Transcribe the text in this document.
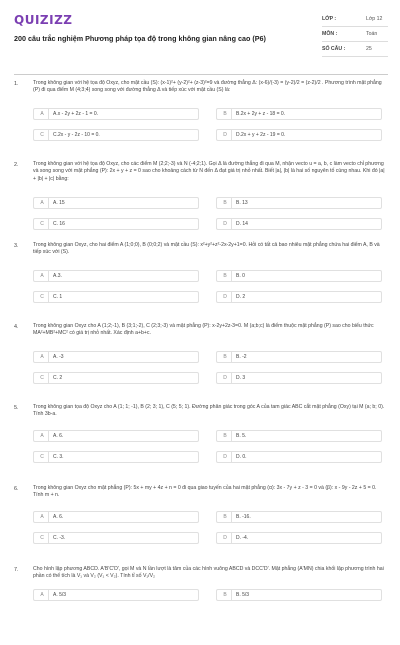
QUIZIZZ
200 câu trắc nghiệm Phương pháp tọa độ trong không gian nâng cao (P6)
LỚP :	Lớp 12
MÔN :	Toán
SỐ CÂU :	25
1.	Trong không gian với hệ tọa độ Oxyz, cho mặt cầu (S): (x-1)²+ (y-2)²+ (z-3)²=9 và đường thẳng Δ: (x-6)/(-3) = (y-2)/2 = (z-2)/2 . Phương trình mặt phẳng (P) đi qua điểm M (4;3;4) song song với đường thẳng Δ và tiếp xúc với mặt cầu (S) là:
A	A.x - 2y + 2z - 1 = 0.	B	B.2x + 2y + z - 18 = 0.
C	C.2x - y - 2z - 10 = 0.	D	D.2x + y + 2z - 19 = 0.
2.	Trong không gian với hệ tọa độ Oxyz, cho các điểm M (2;2;-3) và N (-4;2;1). Gọi Δ là đường thẳng đi qua M, nhận vecto u = a, b, c làm vecto chỉ phương và song song với mặt phẳng (P): 2x + y + z = 0 sao cho khoảng cách từ N đến Δ đạt giá trị nhỏ nhất. Biết |a|, |b| là hai số nguyên tố cùng nhau. Khi đó |a| + |b| + |c| bằng:
A	A. 15	B	B. 13
C	C. 16	D	D. 14
3.	Trong không gian Oxyz, cho hai điểm A (1;0;0), B (0;0;2) và mặt cầu (S): x²+y²+z²-2x-2y+1=0. Hỏi có tất cả bao nhiêu mặt phẳng chứa hai điểm A, B và tiếp xúc với (S).
A	A.3.	B	B. 0
C	C. 1	D	D. 2
4.	Trong không gian Oxyz cho A (1;2;-1), B (3;1;-2), C (2;3;-3) và mặt phẳng (P): x-2y+2z-3=0. M (a;b;c) là điểm thuộc mặt phẳng (P) sao cho biểu thức MA²+MB²+MC² có giá trị nhỏ nhất. Xác định a+b+c.
A	A. -3	B	B. -2
C	C. 2	D	D. 3
5.	Trong không gian tọa độ Oxyz cho A (1; 1; -1), B (2; 3; 1), C (5; 5; 1). Đường phân giác trong góc A của tam giác ABC cắt mặt phẳng (Oxy) tại M (a; b; 0). Tính 3b-a.
A	A. 6.	B	B. 5.
C	C. 3.	D	D. 0.
6.	Trong không gian Oxyz cho mặt phẳng (P): 5x + my + 4z + n = 0 đi qua giao tuyến của hai mặt phẳng (α): 3x - 7y + z - 3 = 0 và (β): x - 9y - 2z + 5 = 0. Tính m + n.
A	A. 6.	B	B. -16.
C	C. -3.	D	D. -4.
7.	Cho hình lập phương ABCD. A'B'C'D', gọi M và N lần lượt là tâm của các hình vuông ABCD và DCC'D'. Mặt phẳng (A'MN) chia khối lập phương trình hai phần có thể tích là V₁ và V₂ (V₁ < V₂). Tính tỉ số V₁/V₂
A	A. 5/3	B	B. 5/3
